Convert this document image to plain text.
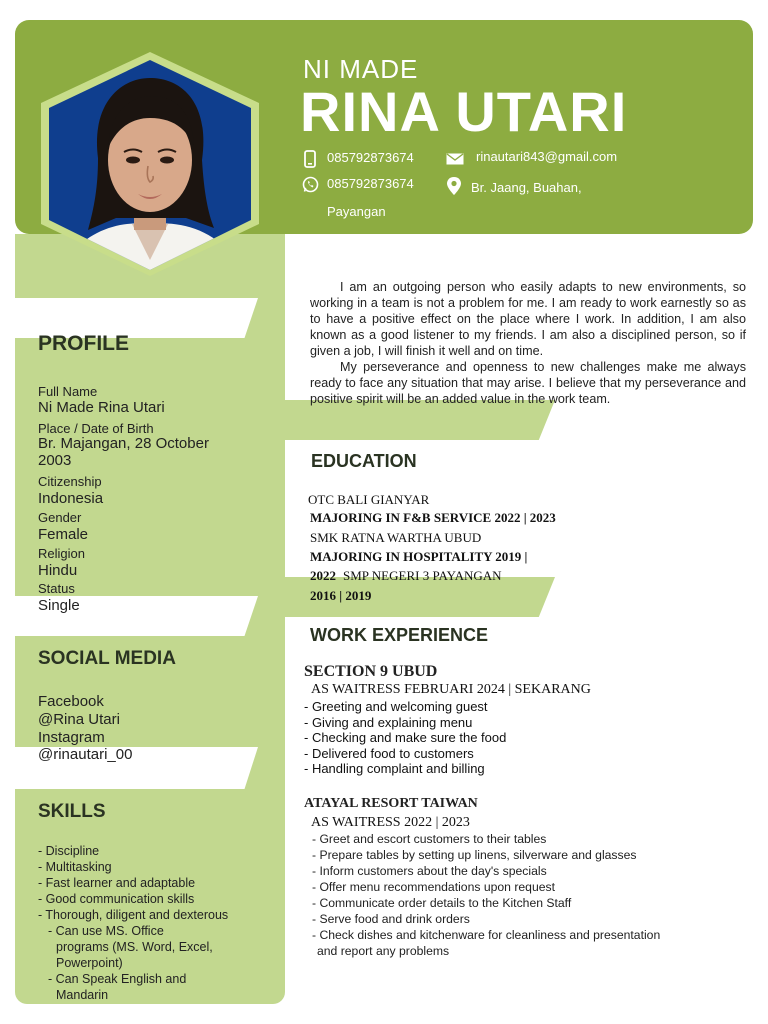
NI MADE
RINA UTARI
085792873674
085792873674
rinautari843@gmail.com
Br. Jaang, Buahan,
Payangan
PROFILE
Full Name
Ni Made Rina Utari
Place / Date of Birth
Br. Majangan, 28 October
2003
Citizenship
Indonesia
Gender
Female
Religion
Hindu
Status
Single
SOCIAL MEDIA
Facebook
@Rina Utari
Instagram
@rinautari_00
SKILLS
- Discipline
- Multitasking
- Fast learner and adaptable
- Good communication skills
- Thorough, diligent and dexterous
- Can use MS. Office
programs (MS. Word, Excel,
Powerpoint)
- Can Speak English and
Mandarin
I am an outgoing person who easily adapts to new environments, so working in a team is not a problem for me. I am ready to work earnestly so as to have a positive effect on the place where I work. In addition, I am also known as a good listener to my friends. I am also a disciplined person, so if given a job, I will finish it well and on time.
My perseverance and openness to new challenges make me always ready to face any situation that may arise. I believe that my perseverance and positive spirit will be an added value in the work team.
EDUCATION
OTC BALI GIANYAR
MAJORING IN F&B SERVICE 2022 | 2023
SMK RATNA WARTHA UBUD
MAJORING IN HOSPITALITY 2019 |
2022 SMP NEGERI 3 PAYANGAN
2016 | 2019
WORK EXPERIENCE
SECTION 9 UBUD
AS WAITRESS FEBRUARI 2024 | SEKARANG
- Greeting and welcoming guest
- Giving and explaining menu
- Checking and make sure the food
- Delivered food to customers
- Handling complaint and billing
ATAYAL RESORT TAIWAN
AS WAITRESS 2022 | 2023
- Greet and escort customers to their tables
- Prepare tables by setting up linens, silverware and glasses
- Inform customers about the day's specials
- Offer menu recommendations upon request
- Communicate order details to the Kitchen Staff
- Serve food and drink orders
- Check dishes and kitchenware for cleanliness and presentation
and report any problems
